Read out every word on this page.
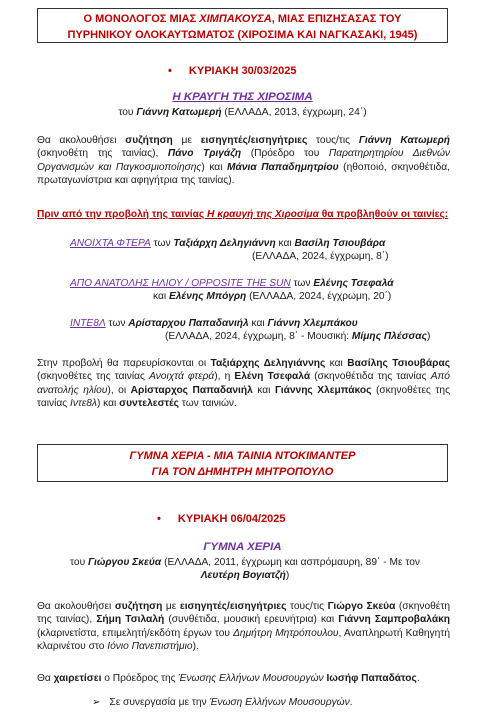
Ο ΜΟΝΟΛΟΓΟΣ ΜΙΑΣ ΧΙΜΠΑΚΟΥΣΑ, ΜΙΑΣ ΕΠΙΖΗΣΑΣΑΣ ΤΟΥ
ΠΥΡΗΝΙΚΟΥ ΟΛΟΚΑΥΤΩΜΑΤΟΣ (ΧΙΡΟΣΙΜΑ ΚΑΙ ΝΑΓΚΑΣΑΚΙ, 1945)
• ΚΥΡΙΑΚΗ 30/03/2025
Η ΚΡΑΥΓΗ ΤΗΣ ΧΙΡΟΣΙΜΑ
του Γιάννη Κατωμερή (ΕΛΛΑΔΑ, 2013, έγχρωμη, 24΄)
Θα ακολουθήσει συζήτηση με εισηγητές/εισηγήτριες τους/τις Γιάννη Κατωμερή (σκηνοθέτη της ταινίας), Πάνο Τριγάζη (Πρόεδρο του Παρατηρητηρίου Διεθνών Οργανισμών και Παγκοσμιοποίησης) και Μάνια Παπαδημητρίου (ηθοποιό, σκηνοθέτιδα, πρωταγωνίστρια και αφηγήτρια της ταινίας).
Πριν από την προβολή της ταινίας Η κραυγή της Χιροσίμα θα προβληθούν οι ταινίες:
ΑΝΟΙΧΤΑ ΦΤΕΡΑ των Ταξιάρχη Δεληγιάννη και Βασίλη Τσιουβάρα
(ΕΛΛΑΔΑ, 2024, έγχρωμη, 8΄)
ΑΠΟ ΑΝΑΤΟΛΗΣ ΗΛΙΟΥ / OPPOSITE THE SUN των Ελένης Τσεφαλά
και Ελένης Μπόγρη (ΕΛΛΑΔΑ, 2024, έγχρωμη, 20΄)
ΙΝΤΕ8Λ των Αρίσταρχου Παπαδανιήλ και Γιάννη Χλεμπάκου
(ΕΛΛΑΔΑ, 2024, έγχρωμη, 8΄ - Μουσική: Μίμης Πλέσσας)
Στην προβολή θα παρευρίσκονται οι Ταξιάρχης Δεληγιάννης και Βασίλης Τσιουβάρας (σκηνοθέτες της ταινίας Ανοιχτά φτερά), η Ελένη Τσεφαλά (σκηνοθέτιδα της ταινίας Από ανατολής ηλίου), οι Αρίσταρχος Παπαδανιήλ και Γιάννης Χλεμπάκος (σκηνοθέτες της ταινίας Ιντε8λ) και συντελεστές των ταινιών.
ΓΥΜΝΑ ΧΕΡΙΑ - ΜΙΑ ΤΑΙΝΙΑ ΝΤΟΚΙΜΑΝΤΕΡ
ΓΙΑ ΤΟΝ ΔΗΜΗΤΡΗ ΜΗΤΡΟΠΟΥΛΟ
• ΚΥΡΙΑΚΗ 06/04/2025
ΓΥΜΝΑ ΧΕΡΙΑ
του Γιώργου Σκεύα (ΕΛΛΑΔΑ, 2011, έγχρωμη και ασπρόμαυρη, 89΄ - Με τον
Λευτέρη Βογιατζή)
Θα ακολουθήσει συζήτηση με εισηγητές/εισηγήτριες τους/τις Γιώργο Σκεύα (σκηνοθέτη της ταινίας), Σήμη Τσιλαλή (συνθέτιδα, μουσική ερευνήτρια) και Γιάννη Σαμπροβαλάκη (κλαρινετίστα, επιμελητή/εκδότη έργων του Δημήτρη Μητρόπουλου, Αναπληρωτή Καθηγητή κλαρινέτου στο Ιόνιο Πανεπιστήμιο).
Θα χαιρετίσει ο Πρόεδρος της Ένωσης Ελλήνων Μουσουργών Ιωσήφ Παπαδάτος.
➢ Σε συνεργασία με την Ένωση Ελλήνων Μουσουργών.
